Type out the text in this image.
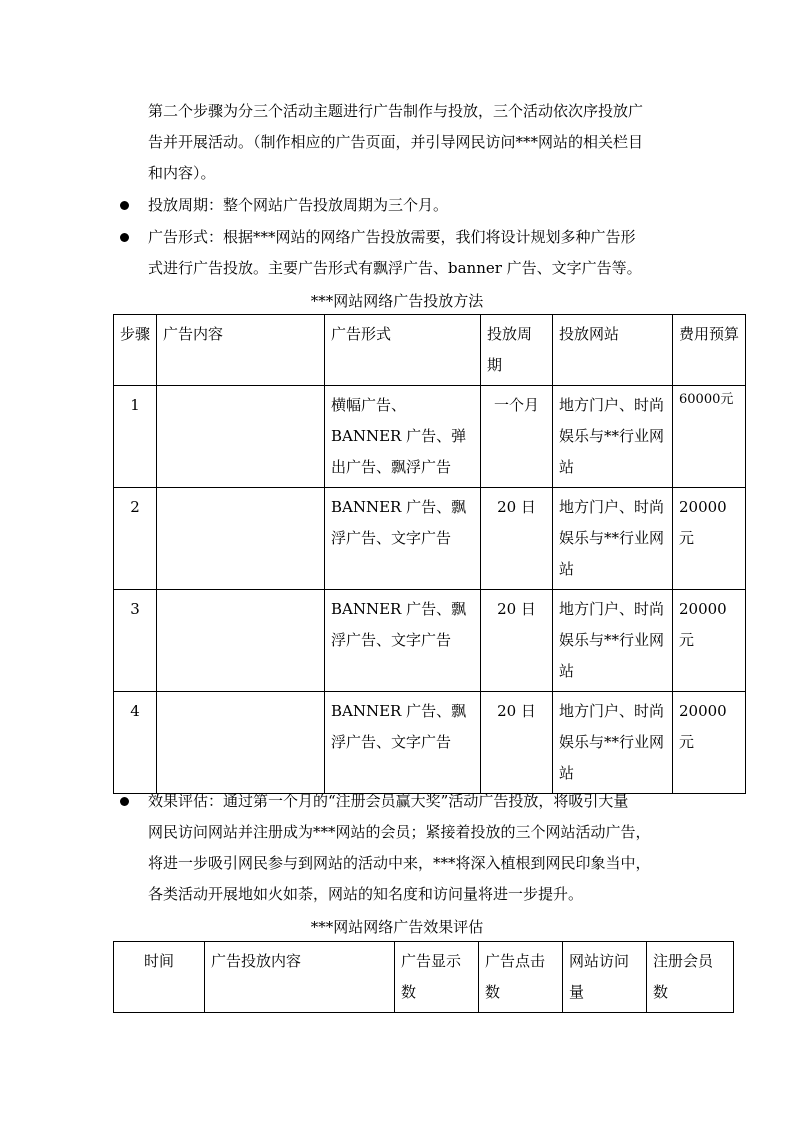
第二个步骤为分三个活动主题进行广告制作与投放，三个活动依次序投放广
告并开展活动。（制作相应的广告页面，并引导网民访问***网站的相关栏目
和内容）。
投放周期：整个网站广告投放周期为三个月。
广告形式：根据***网站的网络广告投放需要，我们将设计规划多种广告形
式进行广告投放。主要广告形式有飘浮广告、banner 广告、文字广告等。
***网站网络广告投放方法
步骤	广告内容	广告形式	投放周期	投放网站	费用预算
1		横幅广告、BANNER 广告、弹出广告、飘浮广告	一个月	地方门户、时尚娱乐与**行业网站	60000元
2		BANNER 广告、飘浮广告、文字广告	20 日	地方门户、时尚娱乐与**行业网站	20000元
3		BANNER 广告、飘浮广告、文字广告	20 日	地方门户、时尚娱乐与**行业网站	20000元
4		BANNER 广告、飘浮广告、文字广告	20 日	地方门户、时尚娱乐与**行业网站	20000元
效果评估：通过第一个月的“注册会员赢大奖”活动广告投放，将吸引大量
网民访问网站并注册成为***网站的会员；紧接着投放的三个网站活动广告，
将进一步吸引网民参与到网站的活动中来，***将深入植根到网民印象当中，
各类活动开展地如火如荼，网站的知名度和访问量将进一步提升。
***网站网络广告效果评估
时间	广告投放内容	广告显示数	广告点击数	网站访问量	注册会员数
